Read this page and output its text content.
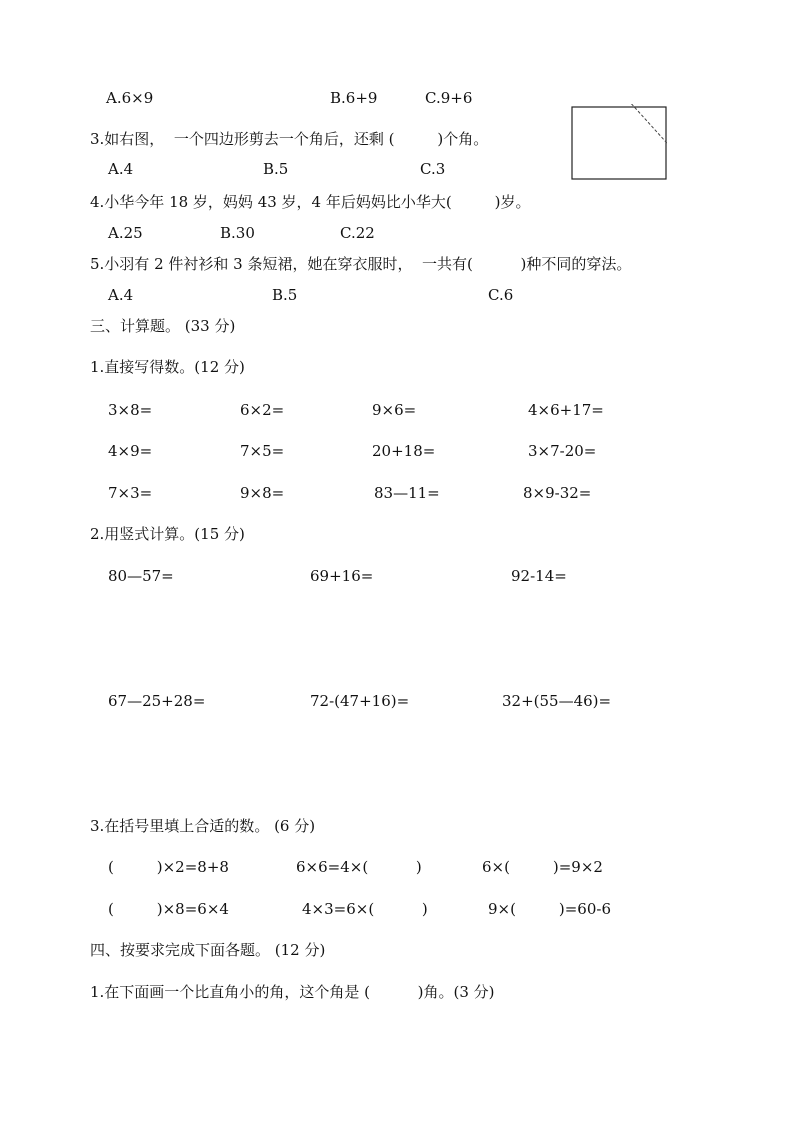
A.6×9	B.6+9	C.9+6
3.如右图，  一个四边形剪去一个角后，还剩 (         )个角。
A.4	B.5	C.3
4.小华今年 18 岁，妈妈 43 岁，4 年后妈妈比小华大(         )岁。
A.25	B.30	C.22
5.小羽有 2 件衬衫和 3 条短裙，她在穿衣服时，  一共有(          )种不同的穿法。
A.4	B.5	C.6
三、计算题。 (33 分)
1.直接写得数。(12 分)
3×8=	6×2=	9×6=	4×6+17=
4×9=	7×5=	20+18=	3×7-20=
7×3=	9×8=	83—11=	8×9-32=
2.用竖式计算。(15 分)
80—57=	69+16=	92-14=
67—25+28=	72-(47+16)=	32+(55—46)=
3.在括号里填上合适的数。 (6 分)
(         )×2=8+8	6×6=4×(          )	6×(         )=9×2
(         )×8=6×4	4×3=6×(          )	9×(         )=60-6
四、按要求完成下面各题。 (12 分)
1.在下面画一个比直角小的角，这个角是 (          )角。(3 分)
